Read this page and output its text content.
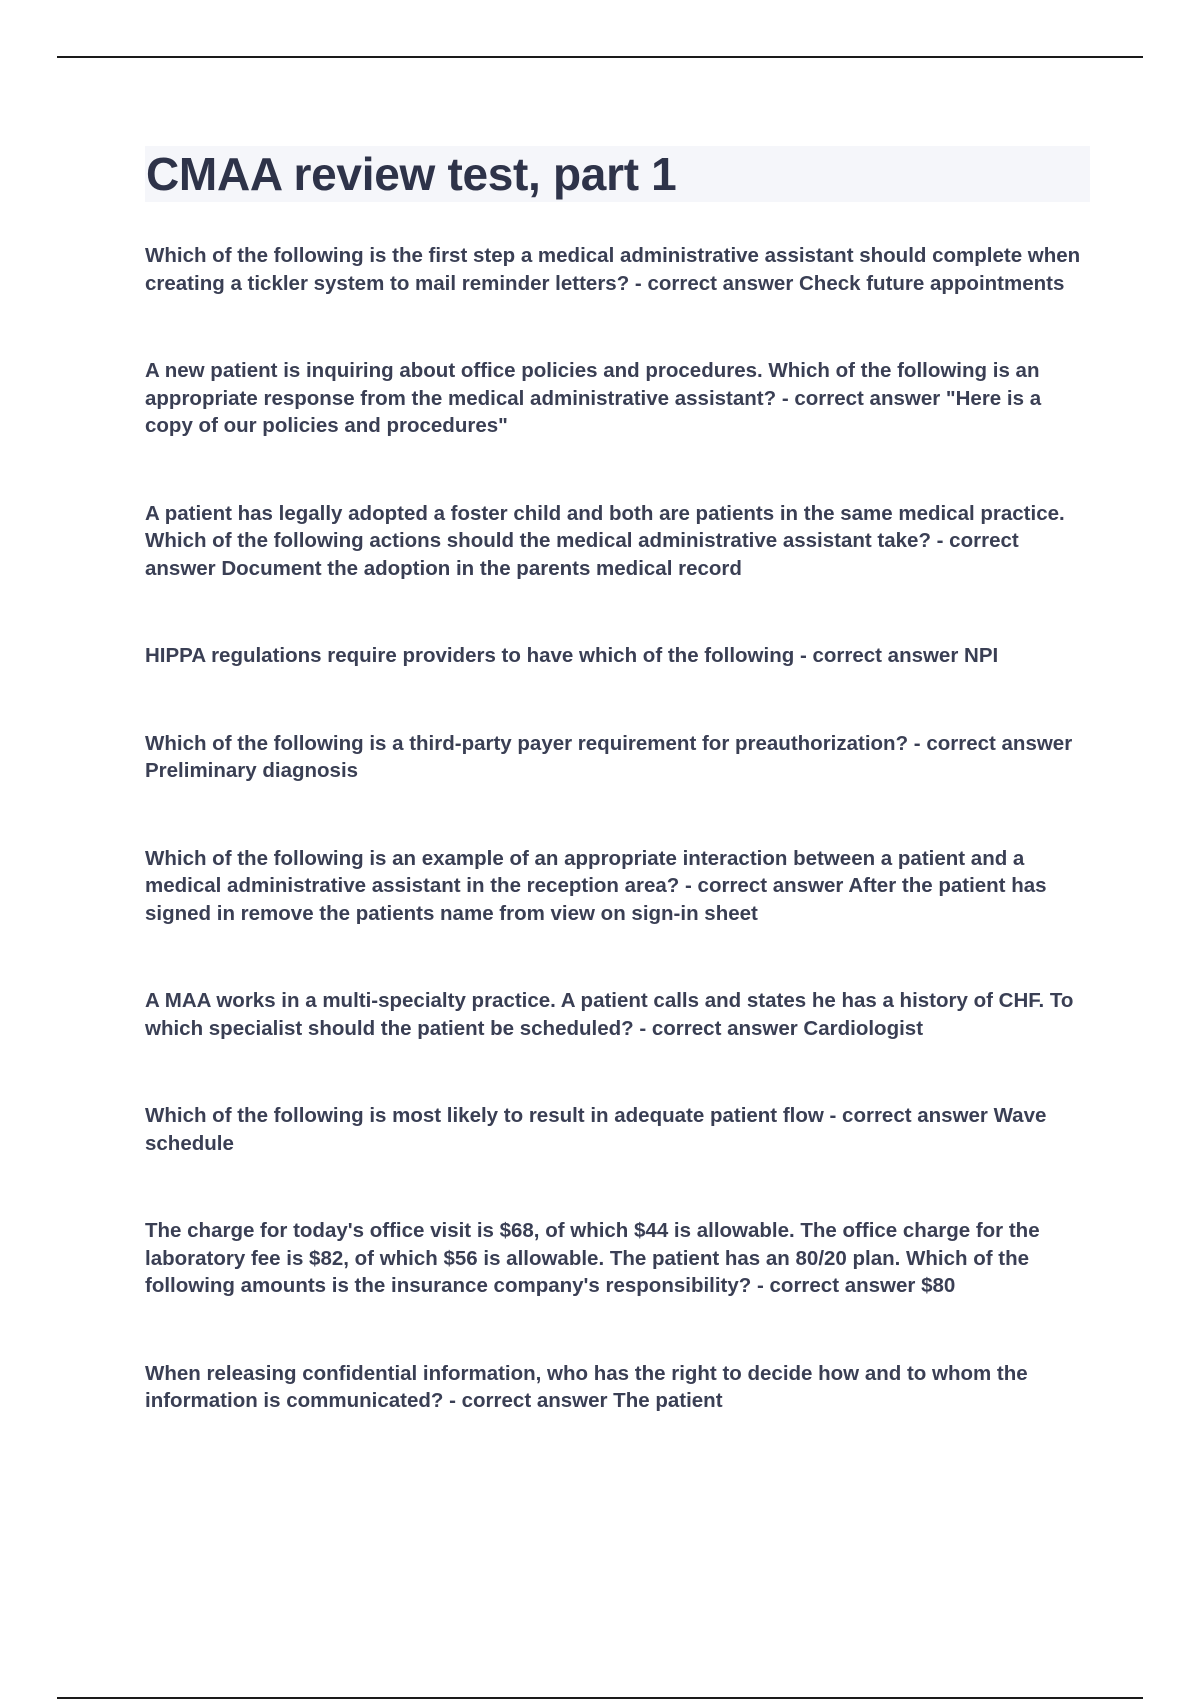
CMAA review test, part 1

Which of the following is the first step a medical administrative assistant should complete when creating a tickler system to mail reminder letters? - correct answer Check future appointments

A new patient is inquiring about office policies and procedures. Which of the following is an appropriate response from the medical administrative assistant? - correct answer "Here is a copy of our policies and procedures"

A patient has legally adopted a foster child and both are patients in the same medical practice. Which of the following actions should the medical administrative assistant take? - correct answer Document the adoption in the parents medical record

HIPPA regulations require providers to have which of the following - correct answer NPI

Which of the following is a third-party payer requirement for preauthorization? - correct answer Preliminary diagnosis

Which of the following is an example of an appropriate interaction between a patient and a medical administrative assistant in the reception area? - correct answer After the patient has signed in remove the patients name from view on sign-in sheet

A MAA works in a multi-specialty practice. A patient calls and states he has a history of CHF. To which specialist should the patient be scheduled? - correct answer Cardiologist

Which of the following is most likely to result in adequate patient flow - correct answer Wave schedule

The charge for today's office visit is $68, of which $44 is allowable. The office charge for the laboratory fee is $82, of which $56 is allowable. The patient has an 80/20 plan. Which of the following amounts is the insurance company's responsibility? - correct answer $80

When releasing confidential information, who has the right to decide how and to whom the information is communicated? - correct answer The patient
